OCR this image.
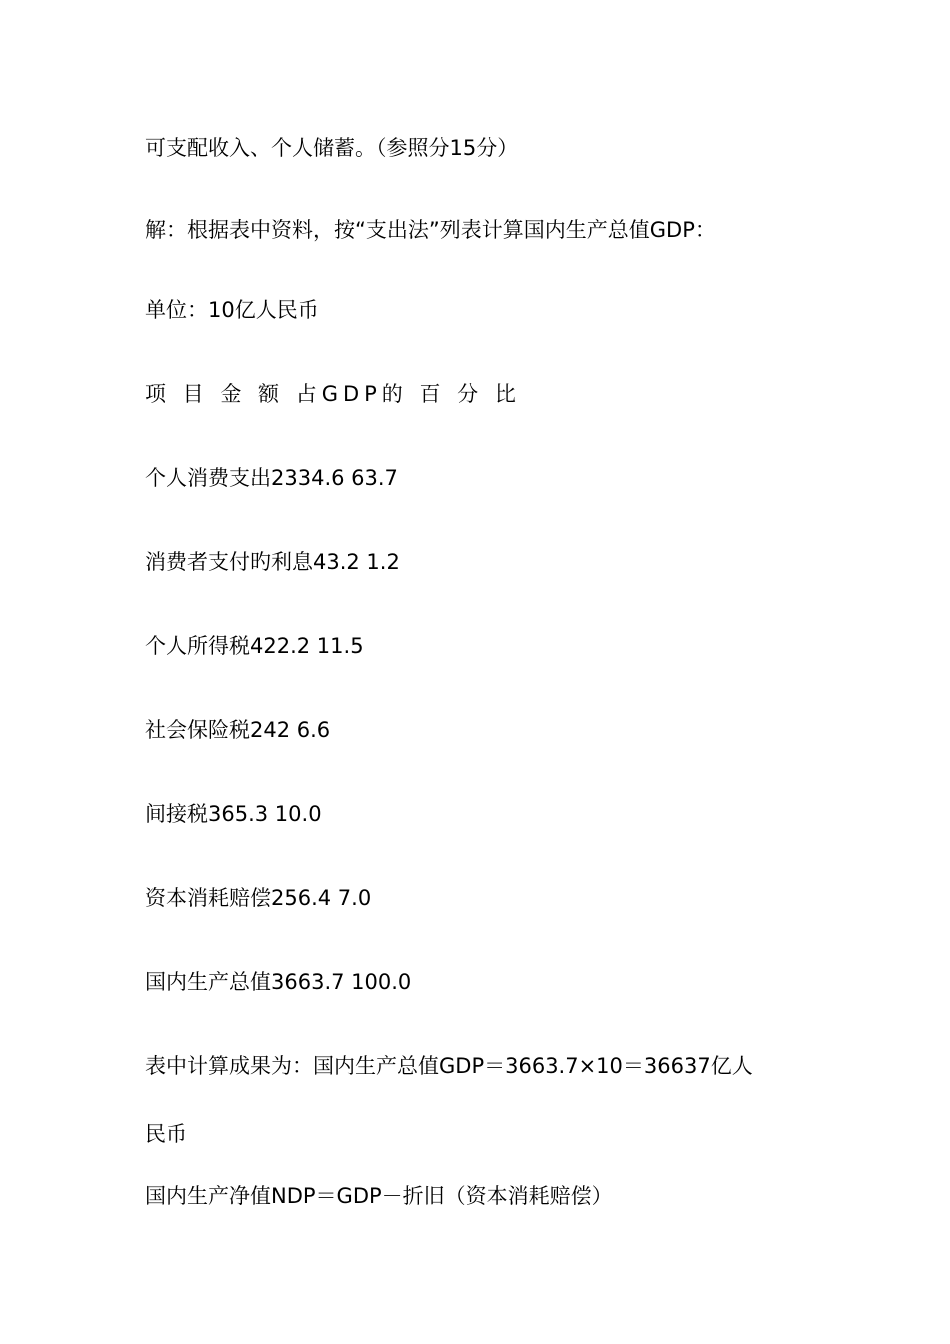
可支配收入、个人储蓄。（参照分15分）
解：根据表中资料，按“支出法”列表计算国内生产总值GDP：
单位：10亿人民币
项 目 金 额 占GDP的 百 分 比
个人消费支出2334.6 63.7
消费者支付旳利息43.2 1.2
个人所得税422.2 11.5
社会保险税242 6.6
间接税365.3 10.0
资本消耗赔偿256.4 7.0
国内生产总值3663.7 100.0
表中计算成果为：国内生产总值GDP＝3663.7×10＝36637亿人
民币
国内生产净值NDP＝GDP－折旧（资本消耗赔偿）
